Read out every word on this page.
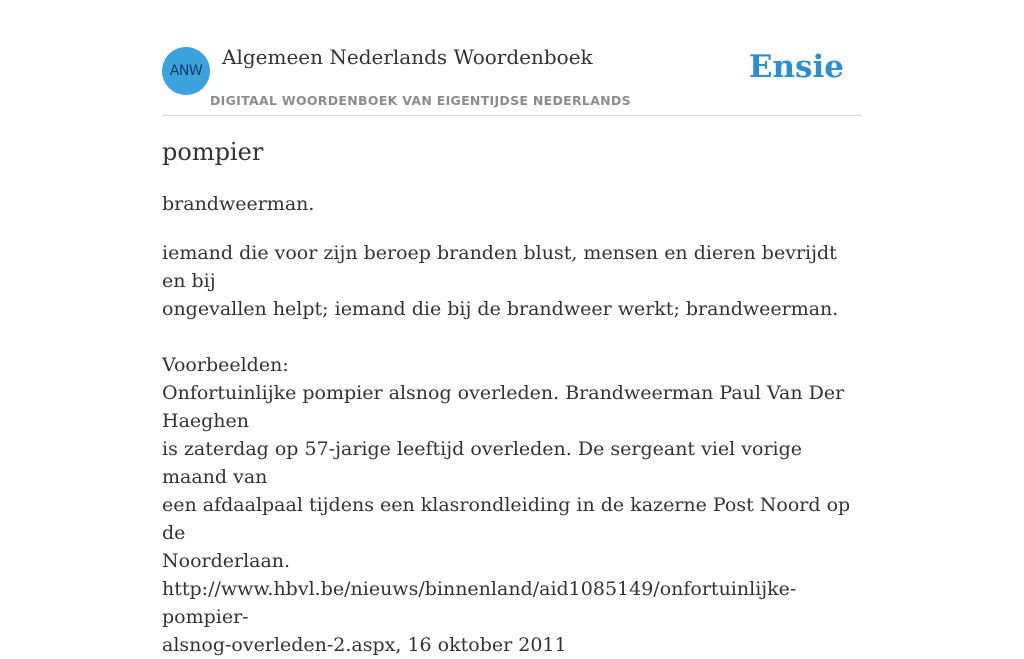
ANW
Algemeen Nederlands Woordenboek
DIGITAAL WOORDENBOEK VAN EIGENTIJDSE NEDERLANDS
Ensie
pompier
brandweerman.

iemand die voor zijn beroep branden blust, mensen en dieren bevrijdt en bij

ongevallen helpt; iemand die bij de brandweer werkt; brandweerman.

Voorbeelden:

Onfortuinlijke pompier alsnog overleden. Brandweerman Paul Van Der Haeghen

is zaterdag op 57-jarige leeftijd overleden. De sergeant viel vorige maand van

een afdaalpaal tijdens een klasrondleiding in de kazerne Post Noord op de

Noorderlaan.

http://www.hbvl.be/nieuws/binnenland/aid1085149/onfortuinlijke-pompier-

alsnog-overleden-2.aspx, 16 oktober 2011
